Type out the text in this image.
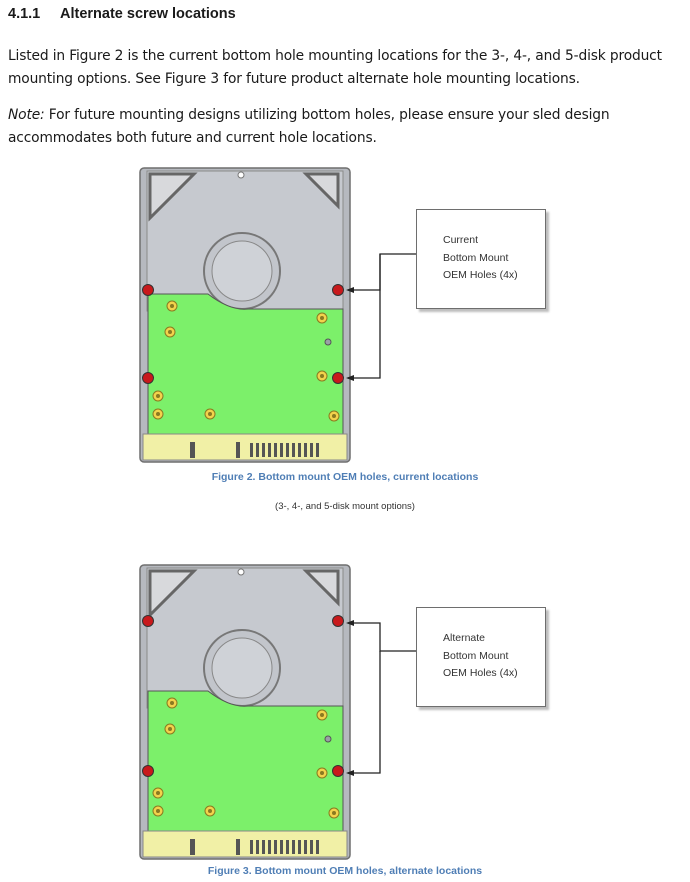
4.1.1 Alternate screw locations
Listed in Figure 2 is the current bottom hole mounting locations for the 3-, 4-, and 5-disk product mounting options. See Figure 3 for future product alternate hole mounting locations.
Note: For future mounting designs utilizing bottom holes, please ensure your sled design accommodates both future and current hole locations.
Current
Bottom Mount
OEM Holes (4x)
Figure 2. Bottom mount OEM holes, current locations
(3-, 4-, and 5-disk mount options)
Alternate
Bottom Mount
OEM Holes (4x)
Figure 3. Bottom mount OEM holes, alternate locations
